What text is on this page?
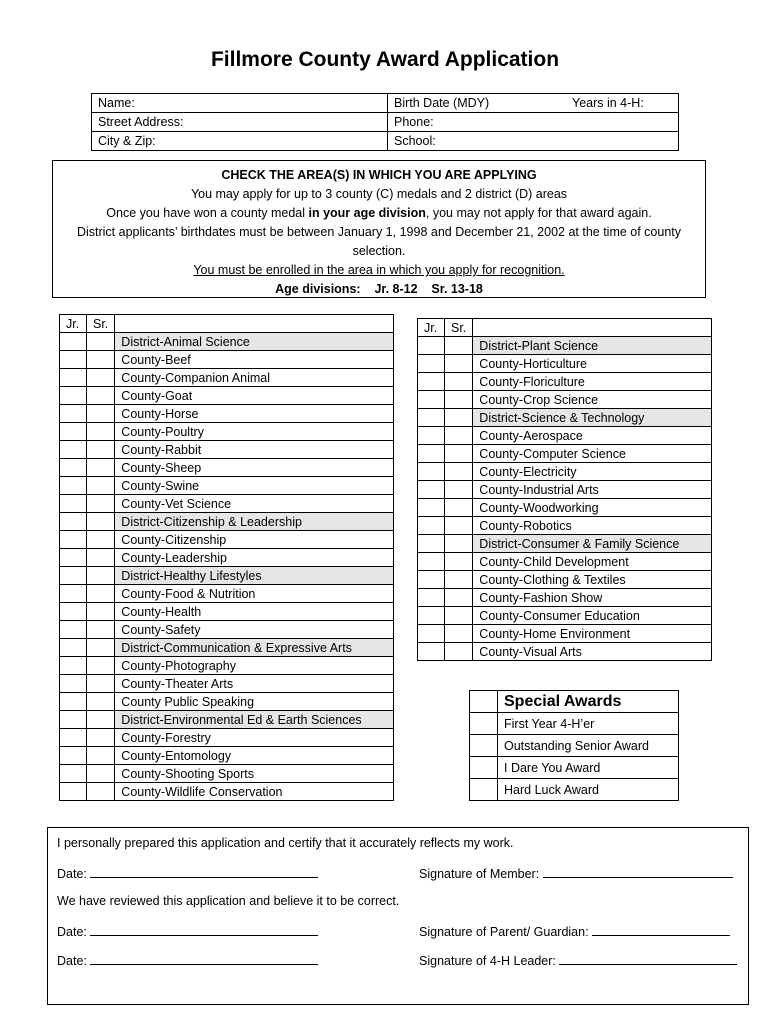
Fillmore County Award Application
Name:	Birth Date (MDY) Years in 4-H:

Street Address:	Phone:
City & Zip:	School:

CHECK THE AREA(S) IN WHICH YOU ARE APPLYING

You may apply for up to 3 county (C) medals and 2 district (D) areas

Once you have won a county medal in your age division, you may not apply for that award again.

District applicants’ birthdates must be between January 1, 1998 and December 21, 2002 at the time of county selection.

You must be enrolled in the area in which you apply for recognition.

Age divisions:    Jr. 8-12    Sr. 13-18

Jr.	Sr.	
		District-Animal Science
		County-Beef
		County-Companion Animal
		County-Goat
		County-Horse
		County-Poultry
		County-Rabbit
		County-Sheep
		County-Swine
		County-Vet Science
		District-Citizenship & Leadership
		County-Citizenship
		County-Leadership
		District-Healthy Lifestyles
		County-Food & Nutrition
		County-Health
		County-Safety
		District-Communication & Expressive Arts
		County-Photography
		County-Theater Arts
		County Public Speaking
		District-Environmental Ed & Earth Sciences
		County-Forestry
		County-Entomology
		County-Shooting Sports
		County-Wildlife Conservation
Jr.	Sr.	
		District-Plant Science
		County-Horticulture
		County-Floriculture
		County-Crop Science
		District-Science & Technology
		County-Aerospace
		County-Computer Science
		County-Electricity
		County-Industrial Arts
		County-Woodworking
		County-Robotics
		District-Consumer & Family Science
		County-Child Development
		County-Clothing & Textiles
		County-Fashion Show
		County-Consumer Education
		County-Home Environment
		County-Visual Arts
	Special Awards
	First Year 4-H’er
	Outstanding Senior Award
	I Dare You Award
	Hard Luck Award
I personally prepared this application and certify that it accurately reflects my work.
Date:	Signature of Member:
We have reviewed this application and believe it to be correct.
Date:	Signature of Parent/ Guardian:
Date:	Signature of 4-H Leader:
